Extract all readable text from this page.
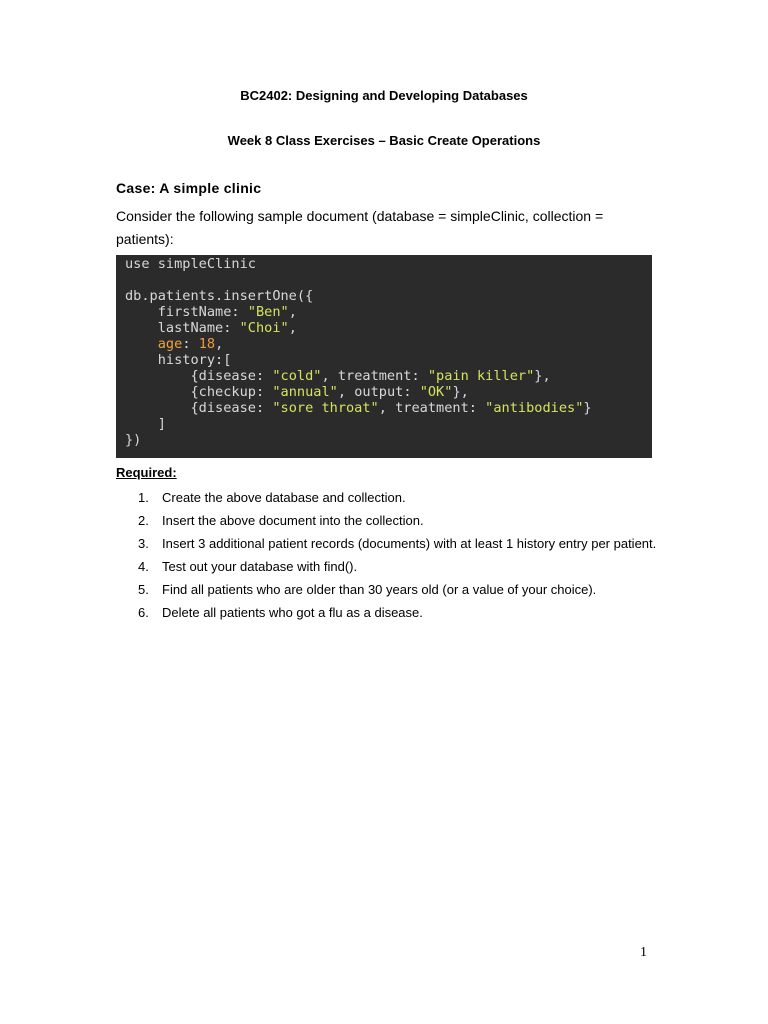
BC2402: Designing and Developing Databases
Week 8 Class Exercises – Basic Create Operations
Case: A simple clinic
Consider the following sample document (database = simpleClinic, collection = patients):
use simpleClinic

db.patients.insertOne({
firstName: "Ben",
lastName: "Choi",
age: 18,
history:[
{disease: "cold", treatment: "pain killer"},
{checkup: "annual", output: "OK"},
{disease: "sore throat", treatment: "antibodies"}
]
})
Required:
1. Create the above database and collection.
2. Insert the above document into the collection.
3. Insert 3 additional patient records (documents) with at least 1 history entry per patient.
4. Test out your database with find().
5. Find all patients who are older than 30 years old (or a value of your choice).
6. Delete all patients who got a flu as a disease.
1
